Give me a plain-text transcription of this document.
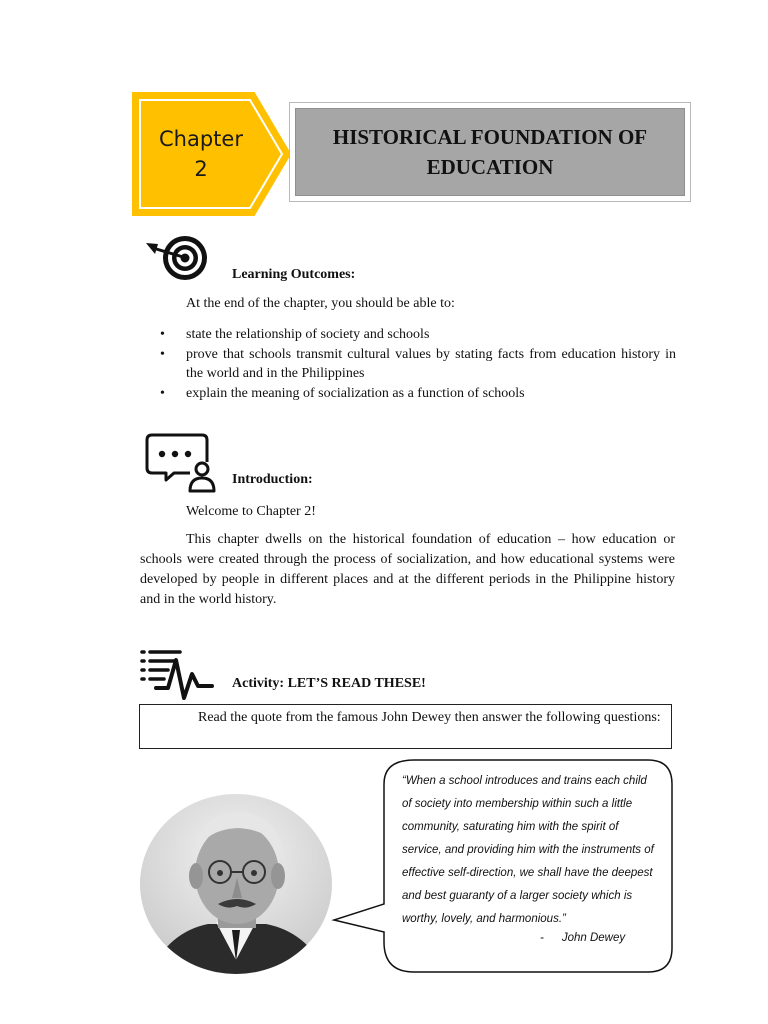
Chapter
2
HISTORICAL FOUNDATION OF EDUCATION
Learning Outcomes:
At the end of the chapter, you should be able to:
• state the relationship of society and schools
• prove that schools transmit cultural values by stating facts from education history in the world and in the Philippines
• explain the meaning of socialization as a function of schools
Introduction:
Welcome to Chapter 2!
This chapter dwells on the historical foundation of education – how education or schools were created through the process of socialization, and how educational systems were developed by people in different places and at the different periods in the Philippine history and in the world history.
Activity: LET’S READ THESE!
Read the quote from the famous John Dewey then answer the following questions:
“When a school introduces and trains each child of society into membership within such a little community, saturating him with the spirit of service, and providing him with the instruments of effective self-direction, we shall have the deepest and best guaranty of a larger society which is worthy, lovely, and harmonious.”
- John Dewey
